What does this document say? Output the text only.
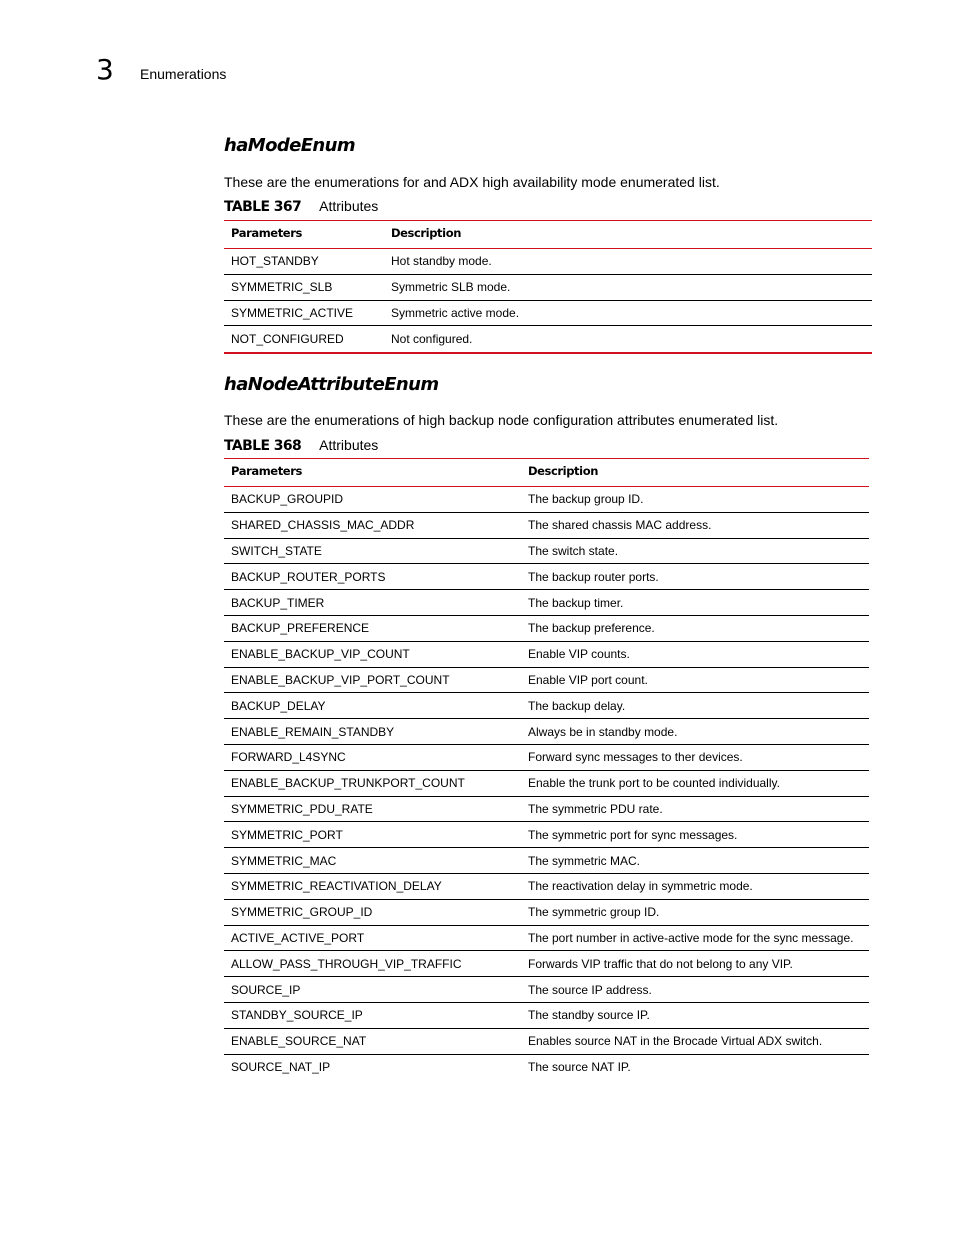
3 Enumerations
haModeEnum
These are the enumerations for and ADX high availability mode enumerated list.
TABLE 367 Attributes
Parameters	Description
HOT_STANDBY	Hot standby mode.
SYMMETRIC_SLB	Symmetric SLB mode.
SYMMETRIC_ACTIVE	Symmetric active mode.
NOT_CONFIGURED	Not configured.
haNodeAttributeEnum
These are the enumerations of high backup node configuration attributes enumerated list.
TABLE 368 Attributes
Parameters	Description
BACKUP_GROUPID	The backup group ID.
SHARED_CHASSIS_MAC_ADDR	The shared chassis MAC address.
SWITCH_STATE	The switch state.
BACKUP_ROUTER_PORTS	The backup router ports.
BACKUP_TIMER	The backup timer.
BACKUP_PREFERENCE	The backup preference.
ENABLE_BACKUP_VIP_COUNT	Enable VIP counts.
ENABLE_BACKUP_VIP_PORT_COUNT	Enable VIP port count.
BACKUP_DELAY	The backup delay.
ENABLE_REMAIN_STANDBY	Always be in standby mode.
FORWARD_L4SYNC	Forward sync messages to ther devices.
ENABLE_BACKUP_TRUNKPORT_COUNT	Enable the trunk port to be counted individually.
SYMMETRIC_PDU_RATE	The symmetric PDU rate.
SYMMETRIC_PORT	The symmetric port for sync messages.
SYMMETRIC_MAC	The symmetric MAC.
SYMMETRIC_REACTIVATION_DELAY	The reactivation delay in symmetric mode.
SYMMETRIC_GROUP_ID	The symmetric group ID.
ACTIVE_ACTIVE_PORT	The port number in active-active mode for the sync message.
ALLOW_PASS_THROUGH_VIP_TRAFFIC	Forwards VIP traffic that do not belong to any VIP.
SOURCE_IP	The source IP address.
STANDBY_SOURCE_IP	The standby source IP.
ENABLE_SOURCE_NAT	Enables source NAT in the Brocade Virtual ADX switch.
SOURCE_NAT_IP	The source NAT IP.
